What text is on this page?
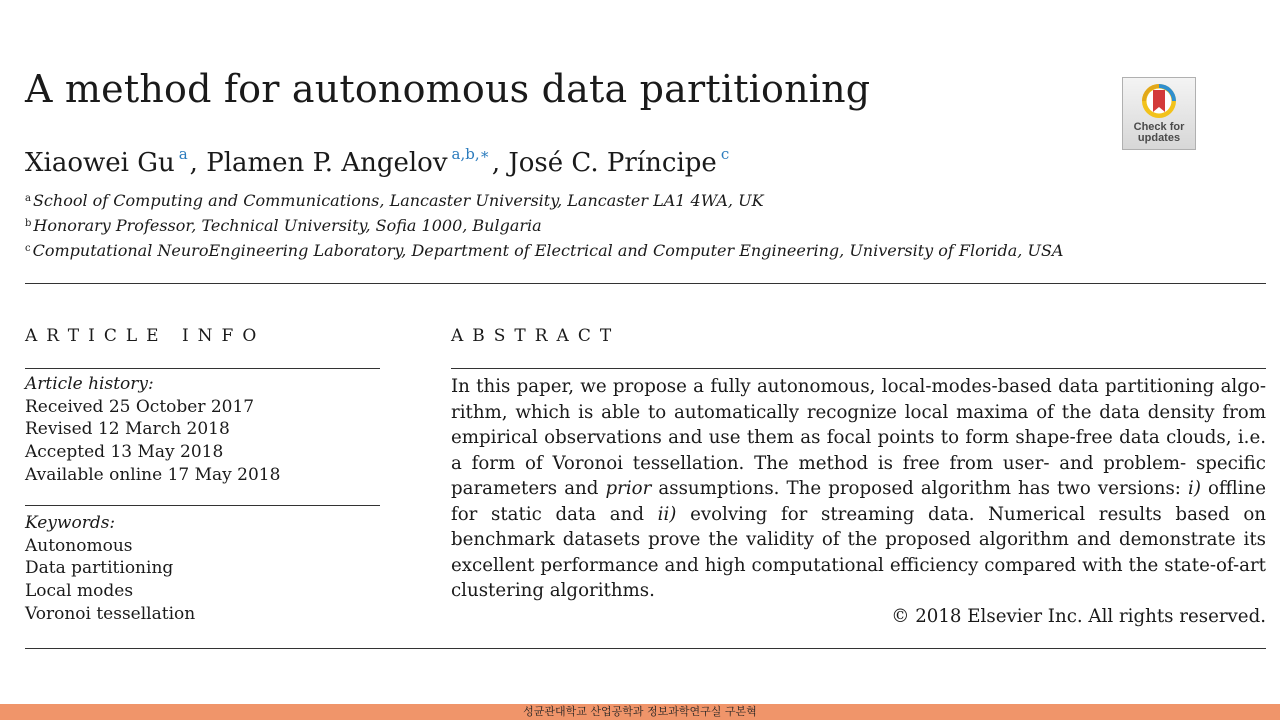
A method for autonomous data partitioning
Xiaowei Gu $^a$, Plamen P. Angelov $^{a,b,∗}$, José C. Príncipe $^c$
$^a$ School of Computing and Communications, Lancaster University, Lancaster LA1 4WA, UK
$^b$ Honorary Professor, Technical University, Sofia 1000, Bulgaria
$^c$ Computational NeuroEngineering Laboratory, Department of Electrical and Computer Engineering, University of Florida, USA
Check for updates
ARTICLE INFO	ABSTRACT
Article history:
Received 25 October 2017
Revised 12 March 2018
Accepted 13 May 2018
Available online 17 May 2018
Keywords:
Autonomous
Data partitioning
Local modes
Voronoi tessellation

In this paper, we propose a fully autonomous, local-modes-based data partitioning algorithm, which is able to automatically recognize local maxima of the data density from empirical observations and use them as focal points to form shape-free data clouds, i.e. a form of Voronoi tessellation. The method is free from user- and problem- specific parameters and prior assumptions. The proposed algorithm has two versions: i) offline for static data and ii) evolving for streaming data. Numerical results based on benchmark datasets prove the validity of the proposed algorithm and demonstrate its excellent performance and high computational efficiency compared with the state-of-art clustering algorithms.

© 2018 Elsevier Inc. All rights reserved.

성균관대학교 산업공학과 정보과학연구실 구본혁
